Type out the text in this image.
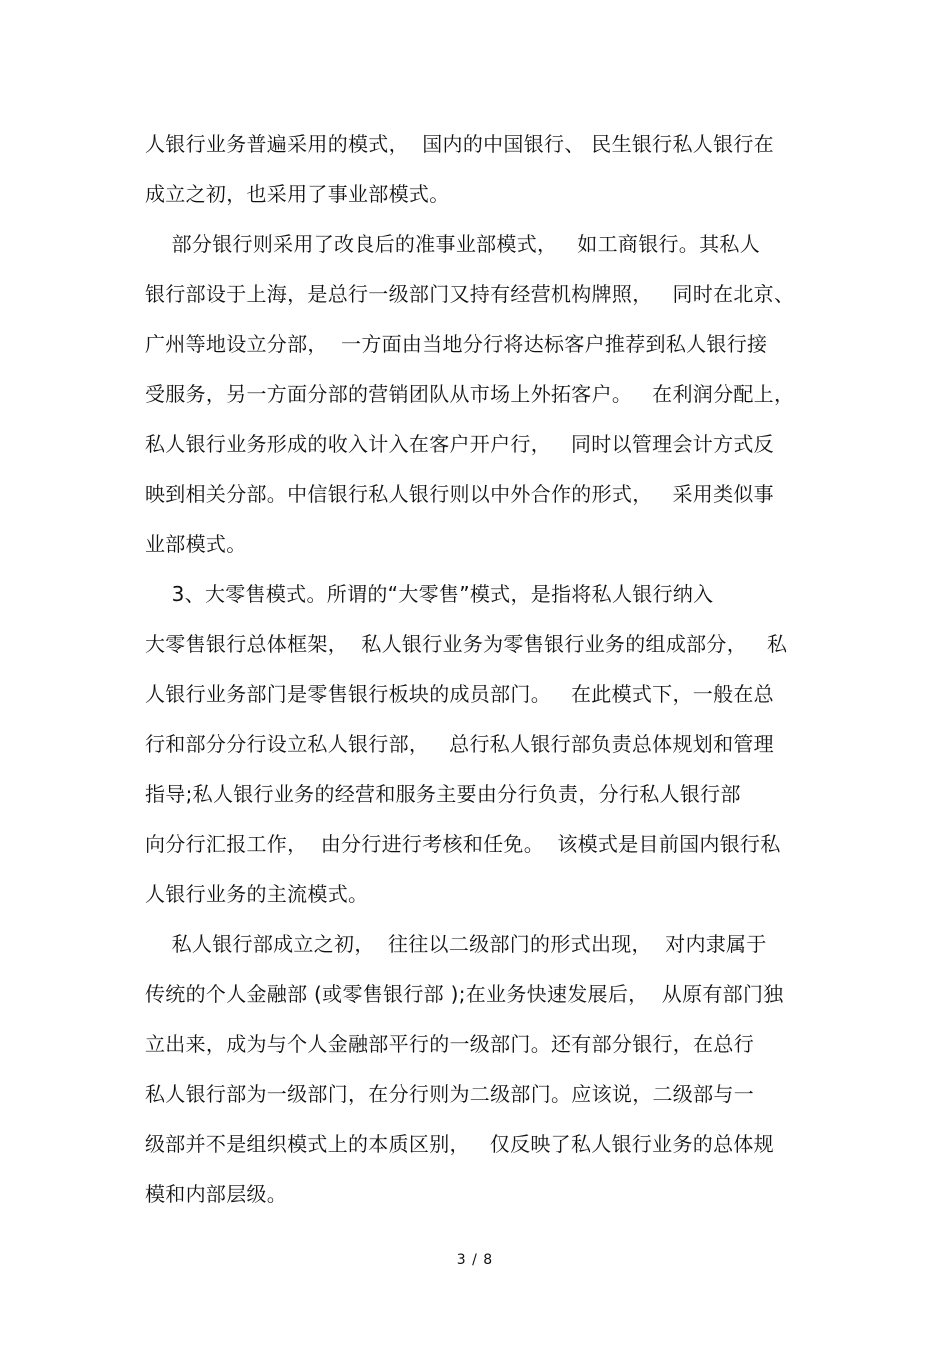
人银行业务普遍采用的模式，  国内的中国银行、 民生银行私人银行在
成立之初，也采用了事业部模式。
部分银行则采用了改良后的准事业部模式，   如工商银行。其私人
银行部设于上海，是总行一级部门又持有经营机构牌照，   同时在北京、
广州等地设立分部，  一方面由当地分行将达标客户推荐到私人银行接
受服务，另一方面分部的营销团队从市场上外拓客户。   在利润分配上，
私人银行业务形成的收入计入在客户开户行，   同时以管理会计方式反
映到相关分部。中信银行私人银行则以中外合作的形式，   采用类似事
业部模式。
3、大零售模式。所谓的“大零售”模式，是指将私人银行纳入
大零售银行总体框架，  私人银行业务为零售银行业务的组成部分，   私
人银行业务部门是零售银行板块的成员部门。   在此模式下，一般在总
行和部分分行设立私人银行部，   总行私人银行部负责总体规划和管理
指导;私人银行业务的经营和服务主要由分行负责，分行私人银行部
向分行汇报工作，  由分行进行考核和任免。  该模式是目前国内银行私
人银行业务的主流模式。
私人银行部成立之初，  往往以二级部门的形式出现，  对内隶属于
传统的个人金融部 (或零售银行部 );在业务快速发展后，  从原有部门独
立出来，成为与个人金融部平行的一级部门。还有部分银行，在总行
私人银行部为一级部门，在分行则为二级部门。应该说，二级部与一
级部并不是组织模式上的本质区别，   仅反映了私人银行业务的总体规
模和内部层级。
3 / 8
